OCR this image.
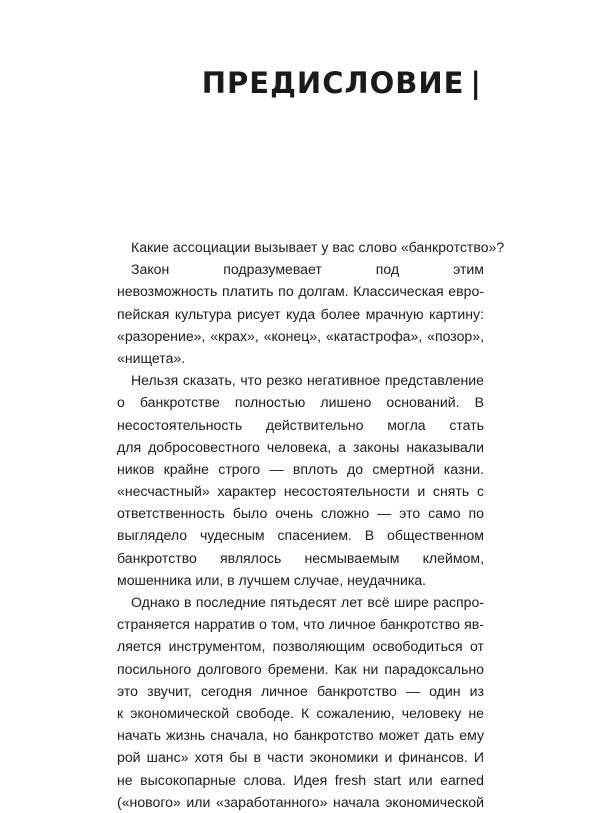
ПРЕДИСЛОВИЕ |
Какие ассоциации вызывает у вас слово «банкротство»?
Закон подразумевает под этим
невозможность платить по долгам. Классическая евро-
пейская культура рисует куда более мрачную картину:
«разорение», «крах», «конец», «катастрофа», «позор»,
«нищета».
Нельзя сказать, что резко негативное представление
о банкротстве полностью лишено оснований. В
несостоятельность действительно могла стать
для добросовестного человека, а законы наказывали
ников крайне строго — вплоть до смертной казни.
«несчастный» характер несостоятельности и снять с
ответственность было очень сложно — это само по
выглядело чудесным спасением. В общественном
банкротство являлось несмываемым клеймом,
мошенника или, в лучшем случае, неудачника.
Однако в последние пятьдесят лет всё шире распро-
страняется нарратив о том, что личное банкротство яв-
ляется инструментом, позволяющим освободиться от
посильного долгового бремени. Как ни парадоксально
это звучит, сегодня личное банкротство — один из
к экономической свободе. К сожалению, человеку не
начать жизнь сначала, но банкротство может дать ему
рой шанс» хотя бы в части экономики и финансов. И
не высокопарные слова. Идея fresh start или earned
(«нового» или «заработанного» начала экономической
